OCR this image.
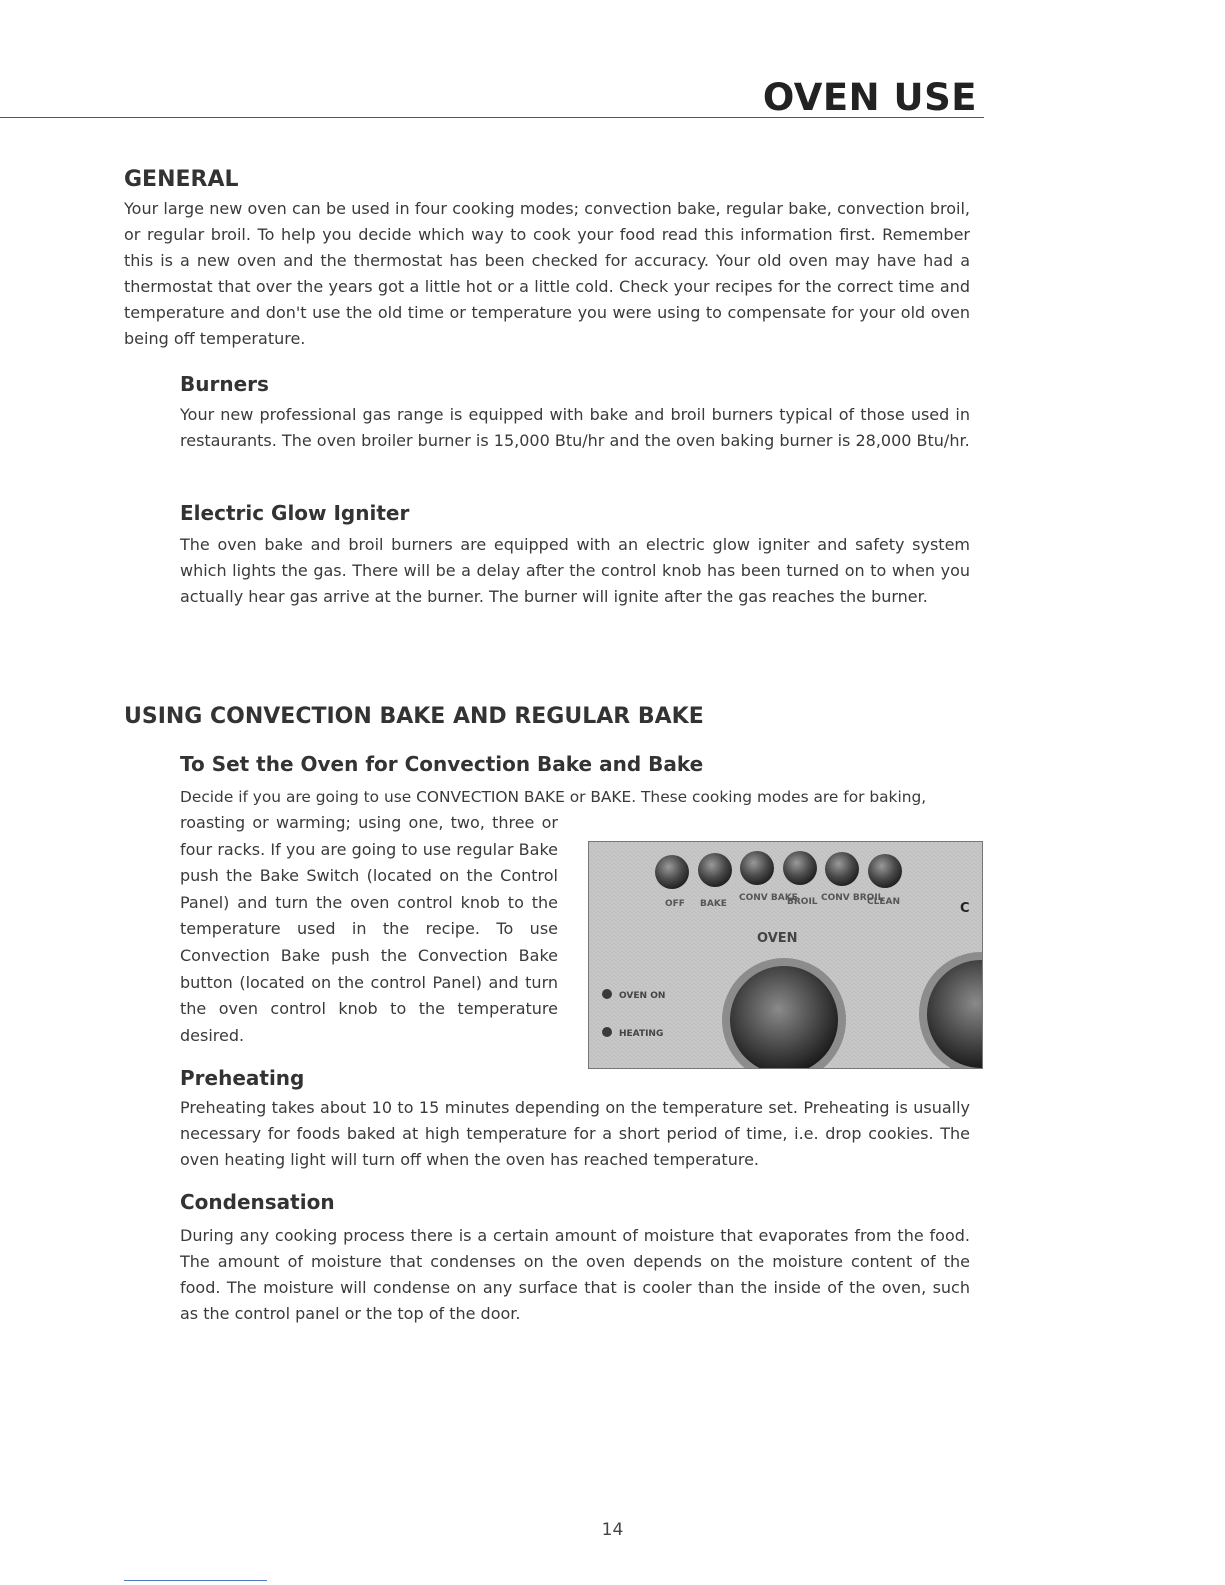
OVEN USE
GENERAL

Your large new oven can be used in four cooking modes; convection bake, regular bake, convection broil, or regular broil. To help you decide which way to cook your food read this information first. Remember this is a new oven and the thermostat has been checked for accuracy. Your old oven may have had a thermostat that over the years got a little hot or a little cold. Check your recipes for the correct time and temperature and don't use the old time or temperature you were using to compensate for your old oven being off temperature.

Burners

Your new professional gas range is equipped with bake and broil burners typical of those used in restaurants. The oven broiler burner is 15,000 Btu/hr and the oven baking burner is 28,000 Btu/hr.

Electric Glow Igniter

The oven bake and broil burners are equipped with an electric glow igniter and safety system which lights the gas. There will be a delay after the control knob has been turned on to when you actually hear gas arrive at the burner. The burner will ignite after the gas reaches the burner.

USING CONVECTION BAKE AND REGULAR BAKE
To Set the Oven for Convection Bake and Bake

Decide if you are going to use CONVECTION BAKE or BAKE. These cooking modes are for baking,

roasting or warming; using one, two, three or four racks. If you are going to use regular Bake push the Bake Switch (located on the Control Panel) and turn the oven control knob to the temperature used in the recipe. To use Convection Bake push the Convection Bake button (located on the control Panel) and turn the oven control knob to the temperature desired.

OFF BAKE
CONV BAKE
BROIL CONV BROIL
CLEAN	C
OVEN
OVEN ON
HEATING
Preheating

Preheating takes about 10 to 15 minutes depending on the temperature set. Preheating is usually necessary for foods baked at high temperature for a short period of time, i.e. drop cookies. The oven heating light will turn off when the oven has reached temperature.

Condensation

During any cooking process there is a certain amount of moisture that evaporates from the food. The amount of moisture that condenses on the oven depends on the moisture content of the food. The moisture will condense on any surface that is cooler than the inside of the oven, such as the control panel or the top of the door.

14
